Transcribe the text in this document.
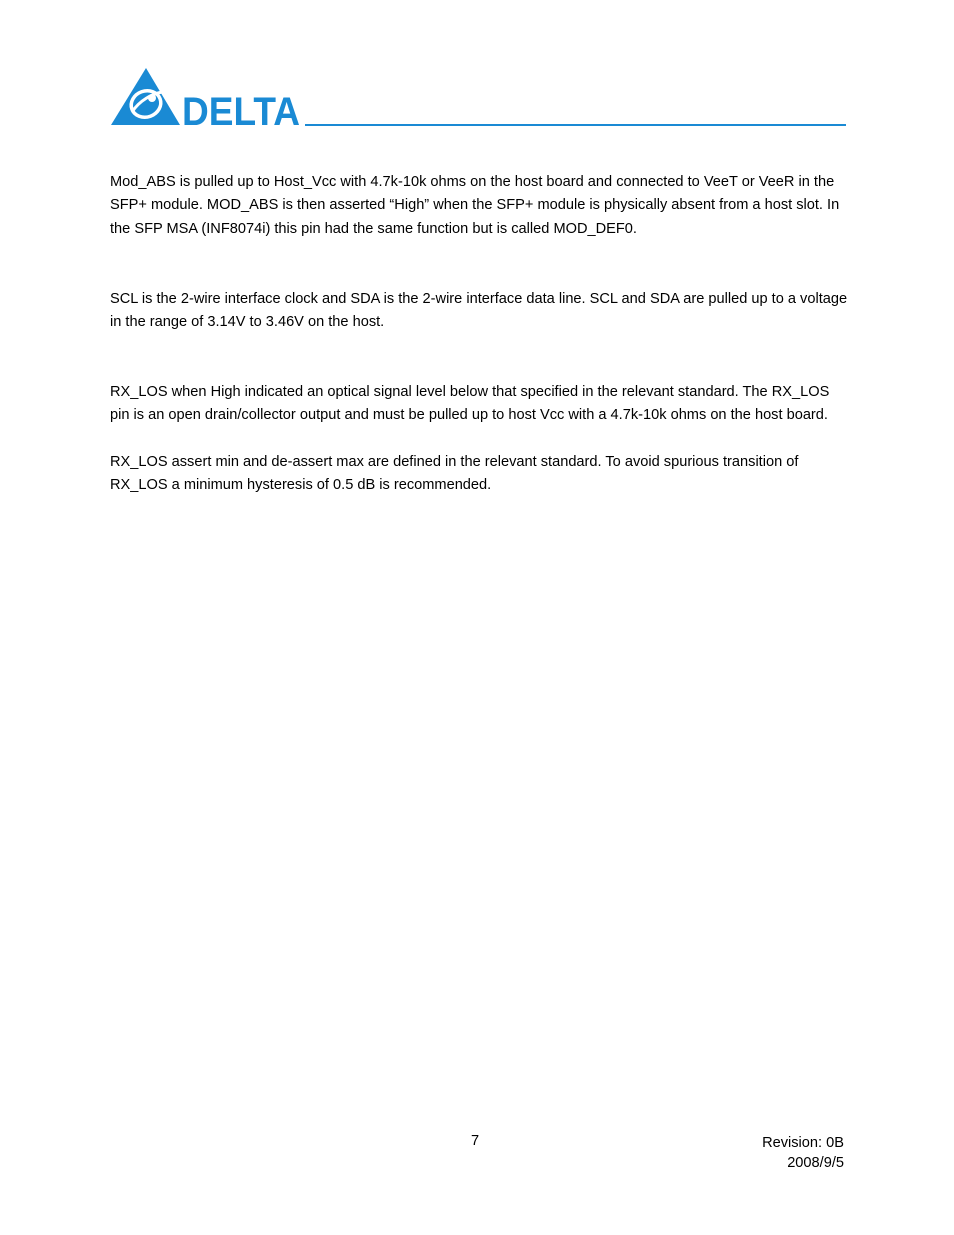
DELTA

Mod_ABS is pulled up to Host_Vcc with 4.7k-10k ohms on the host board and connected to VeeT or VeeR in the SFP+ module. MOD_ABS is then asserted “High” when the SFP+ module is physically absent from a host slot. In the SFP MSA (INF8074i) this pin had the same function but is called MOD_DEF0.

SCL is the 2-wire interface clock and SDA is the 2-wire interface data line. SCL and SDA are pulled up to a voltage in the range of 3.14V to 3.46V on the host.

RX_LOS when High indicated an optical signal level below that specified in the relevant standard. The RX_LOS pin is an open drain/collector output and must be pulled up to host Vcc with a 4.7k-10k ohms on the host board.

RX_LOS assert min and de-assert max are defined in the relevant standard. To avoid spurious transition of RX_LOS a minimum hysteresis of 0.5 dB is recommended.

7	Revision: 0B
2008/9/5
